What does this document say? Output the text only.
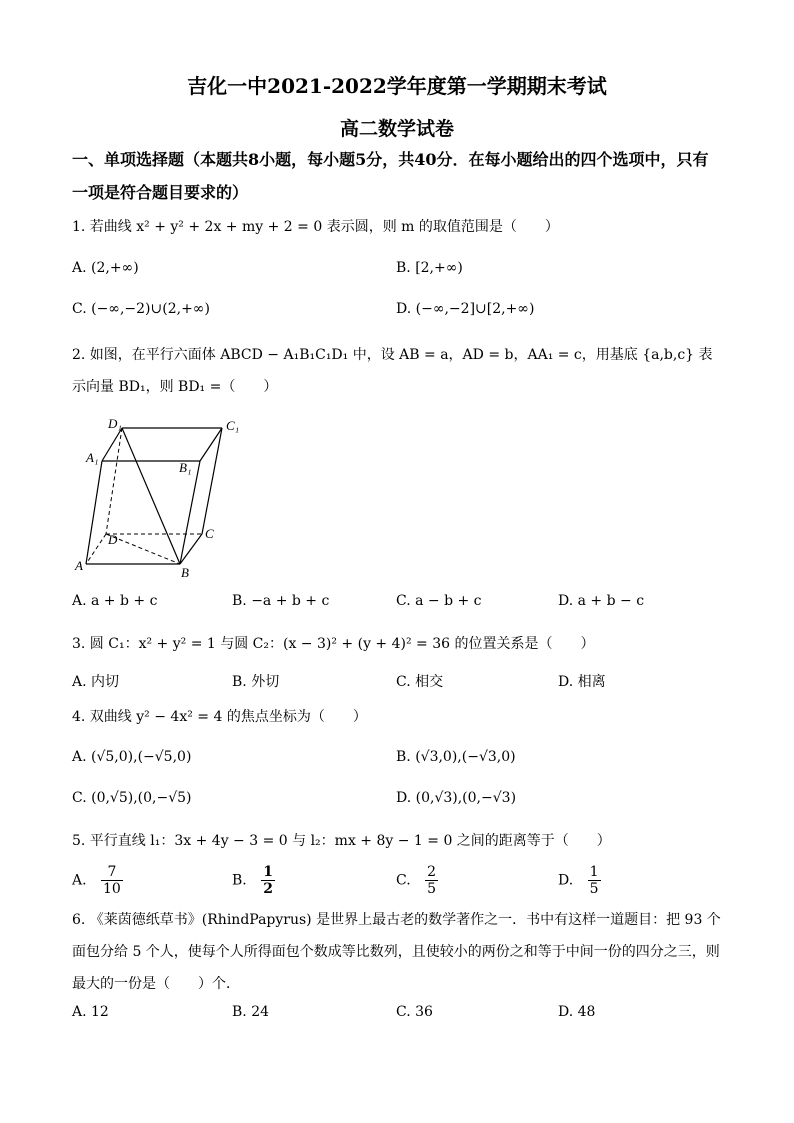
吉化一中2021-2022学年度第一学期期末考试
高二数学试卷
一、单项选择题（本题共8小题，每小题5分，共40分．在每小题给出的四个选项中，只有一项是符合题目要求的）
1. 若曲线 x² + y² + 2x + my + 2 = 0 表示圆，则 m 的取值范围是（　　）
A. (2,+∞)	B. [2,+∞)
C. (−∞,−2)∪(2,+∞)	D. (−∞,−2]∪[2,+∞)
2. 如图，在平行六面体 ABCD − A₁B₁C₁D₁ 中，设 AB = a，AD = b，AA₁ = c，用基底 {a,b,c} 表示向量 BD₁，则 BD₁ =（　　）
D₁	C₁
A₁
B₁
D	C
A	B
A. a + b + c	B. −a + b + c	C. a − b + c	D. a + b − c
3. 圆 C₁：x² + y² = 1 与圆 C₂：(x − 3)² + (y + 4)² = 36 的位置关系是（　　）
A. 内切	B. 外切	C. 相交	D. 相离
4. 双曲线 y² − 4x² = 4 的焦点坐标为（　　）
A. (√5,0),(−√5,0)	B. (√3,0),(−√3,0)
C. (0,√5),(0,−√5)	D. (0,√3),(0,−√3)
5. 平行直线 l₁：3x + 4y − 3 = 0 与 l₂：mx + 8y − 1 = 0 之间的距离等于（　　）
A. $\frac{7}{10}$	B. $\frac{1}{2}$	C. $\frac{2}{5}$	D. $\frac{1}{5}$
6. 《莱茵德纸草书》(RhindPapyrus) 是世界上最古老的数学著作之一．书中有这样一道题目：把 93 个面包分给 5 个人，使每个人所得面包个数成等比数列，且使较小的两份之和等于中间一份的四分之三，则最大的一份是（　　）个．
A. 12	B. 24	C. 36	D. 48
